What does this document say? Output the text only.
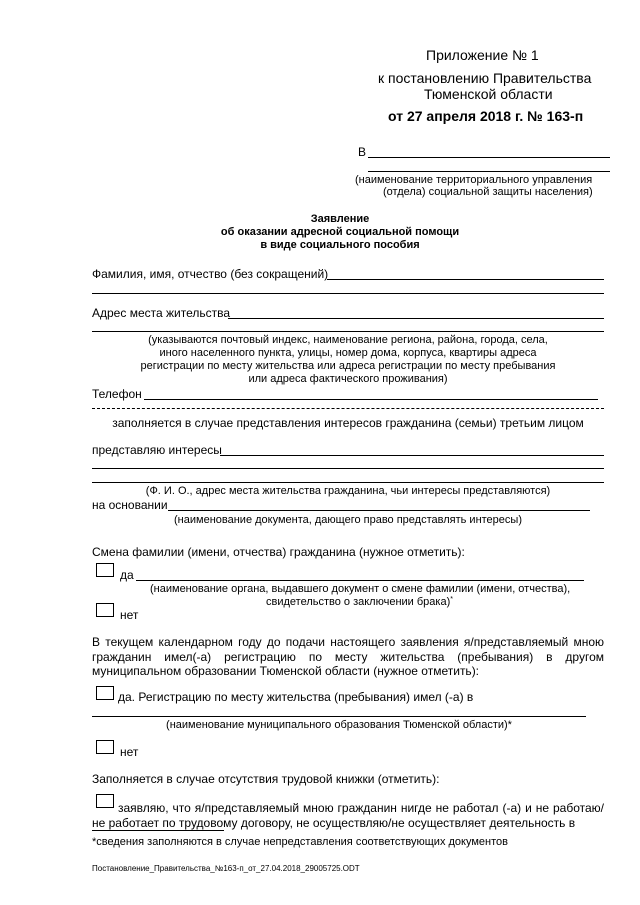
Приложение № 1
к постановлению Правительства
Тюменской области
от 27 апреля 2018 г. № 163-п
В
(наименование территориального управления
(отдела) социальной защиты населения)
Заявление
об оказании адресной социальной помощи
в виде социального пособия
Фамилия, имя, отчество (без сокращений)
Адрес места жительства
(указываются почтовый индекс, наименование региона, района, города, села,
иного населенного пункта, улицы, номер дома, корпуса, квартиры адреса
регистрации по месту жительства или адреса регистрации по месту пребывания
или адреса фактического проживания)
Телефон
заполняется в случае представления интересов гражданина (семьи) третьим лицом
представляю интересы
(Ф. И. О., адрес места жительства гражданина, чьи интересы представляются)
на основании
(наименование документа, дающего право представлять интересы)
Смена фамилии (имени, отчества) гражданина (нужное отметить):
да
(наименование органа, выдавшего документ о смене фамилии (имени, отчества),
свидетельство о заключении брака)*
нет
В текущем календарном году до подачи настоящего заявления я/представляемый мною гражданин имел(-а) регистрацию по месту жительства (пребывания) в другом муниципальном образовании Тюменской области (нужное отметить):
да. Регистрацию по месту жительства (пребывания) имел (-а) в
(наименование муниципального образования Тюменской области)*
нет
Заполняется в случае отсутствия трудовой книжки (отметить):
заявляю, что я/представляемый мною гражданин нигде не работал (-а) и не работаю/не работает по трудовому договору, не осуществляю/не осуществляет деятельность в
*сведения заполняются в случае непредставления соответствующих документов
Постановление_Правительства_№163-п_от_27.04.2018_29005725.ODT
